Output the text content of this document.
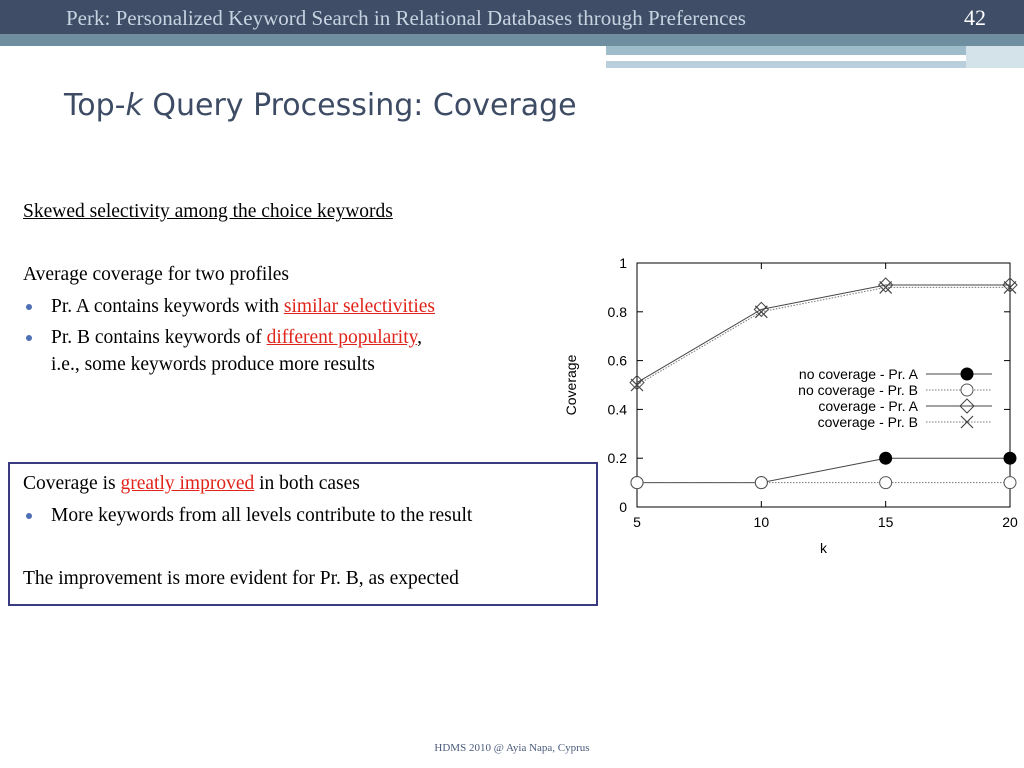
Perk: Personalized Keyword Search in Relational Databases through Preferences	42
Top-k Query Processing: Coverage
Skewed selectivity among the choice keywords
Average coverage for two profiles
Pr. A contains keywords with similar selectivities
Pr. B contains keywords of different popularity,
i.e., some keywords produce more results
Coverage is greatly improved in both cases
More keywords from all levels contribute to the result
The improvement is more evident for Pr. B, as expected
0
0.2
0.4
0.6
0.8
1
5	10	15	20
k
Coverage	no coverage - Pr. A
no coverage - Pr. B
coverage - Pr. A
coverage - Pr. B
HDMS 2010 @ Ayia Napa, Cyprus
